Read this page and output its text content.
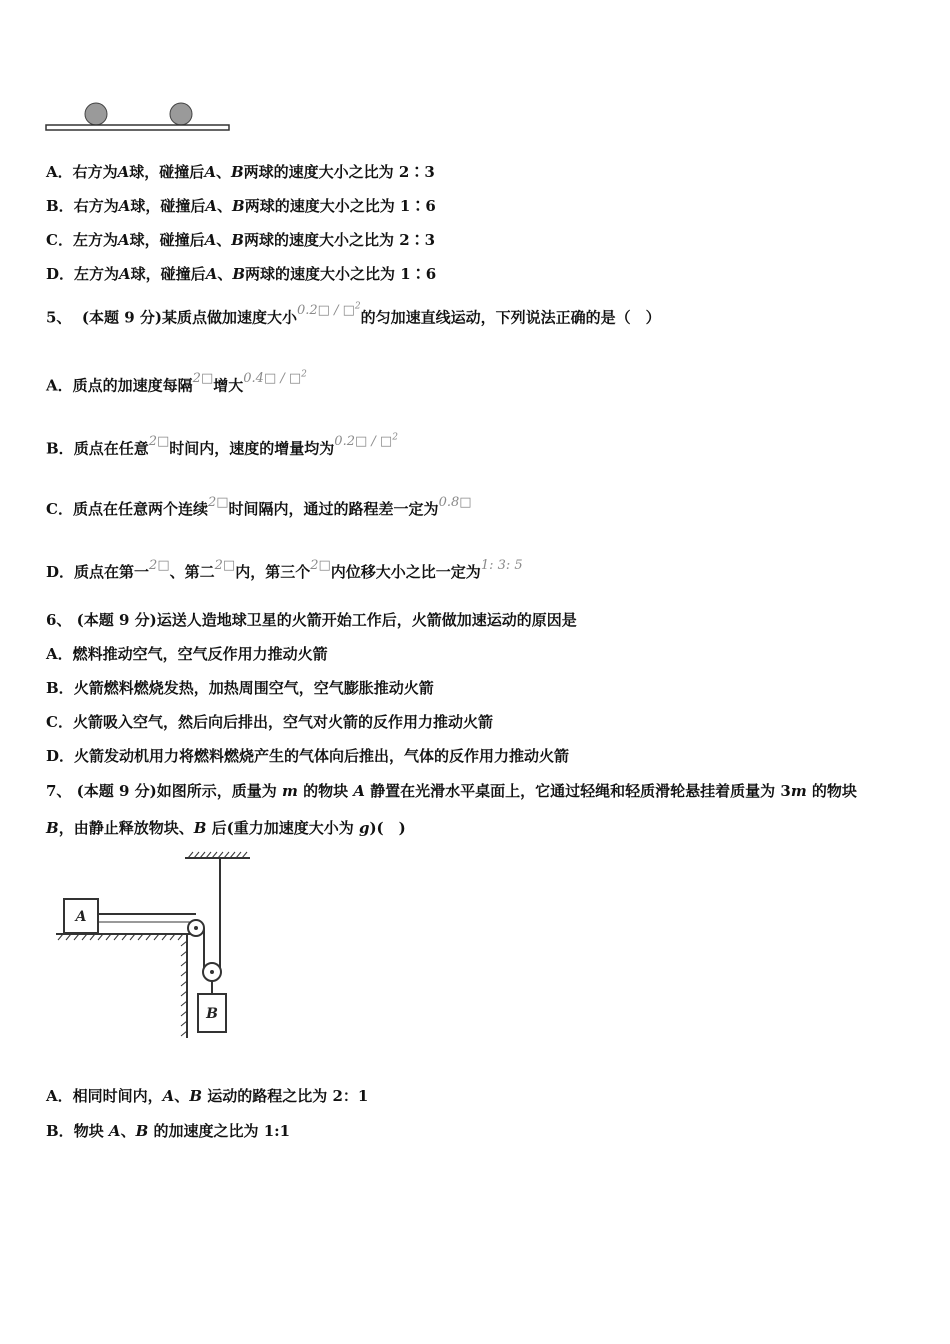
A．右方为A球，碰撞后A、B两球的速度大小之比为 2∶3
B．右方为A球，碰撞后A、B两球的速度大小之比为 1∶6
C．左方为A球，碰撞后A、B两球的速度大小之比为 2∶3
D．左方为A球，碰撞后A、B两球的速度大小之比为 1∶6
5、 (本题 9 分)某质点做加速度大小0.2□ / □$^2$的匀加速直线运动，下列说法正确的是（　）
A．质点的加速度每隔2□增大0.4□ / □$^2$
B．质点在任意2□时间内，速度的增量均为0.2□ / □$^2$
C．质点在任意两个连续2□时间隔内，通过的路程差一定为0.8□
D．质点在第一2□、第二2□内，第三个2□内位移大小之比一定为1: 3: 5
6、 (本题 9 分)运送人造地球卫星的火箭开始工作后，火箭做加速运动的原因是
A．燃料推动空气，空气反作用力推动火箭
B．火箭燃料燃烧发热，加热周围空气，空气膨胀推动火箭
C．火箭吸入空气，然后向后排出，空气对火箭的反作用力推动火箭
D．火箭发动机用力将燃料燃烧产生的气体向后推出，气体的反作用力推动火箭
7、 (本题 9 分)如图所示，质量为 m 的物块 A 静置在光滑水平桌面上，它通过轻绳和轻质滑轮悬挂着质量为 3m 的物块
B，由静止释放物块、B 后(重力加速度大小为 g)(　)
A
B
A．相同时间内，A、B 运动的路程之比为 2：1
B．物块 A、B 的加速度之比为 1:1
